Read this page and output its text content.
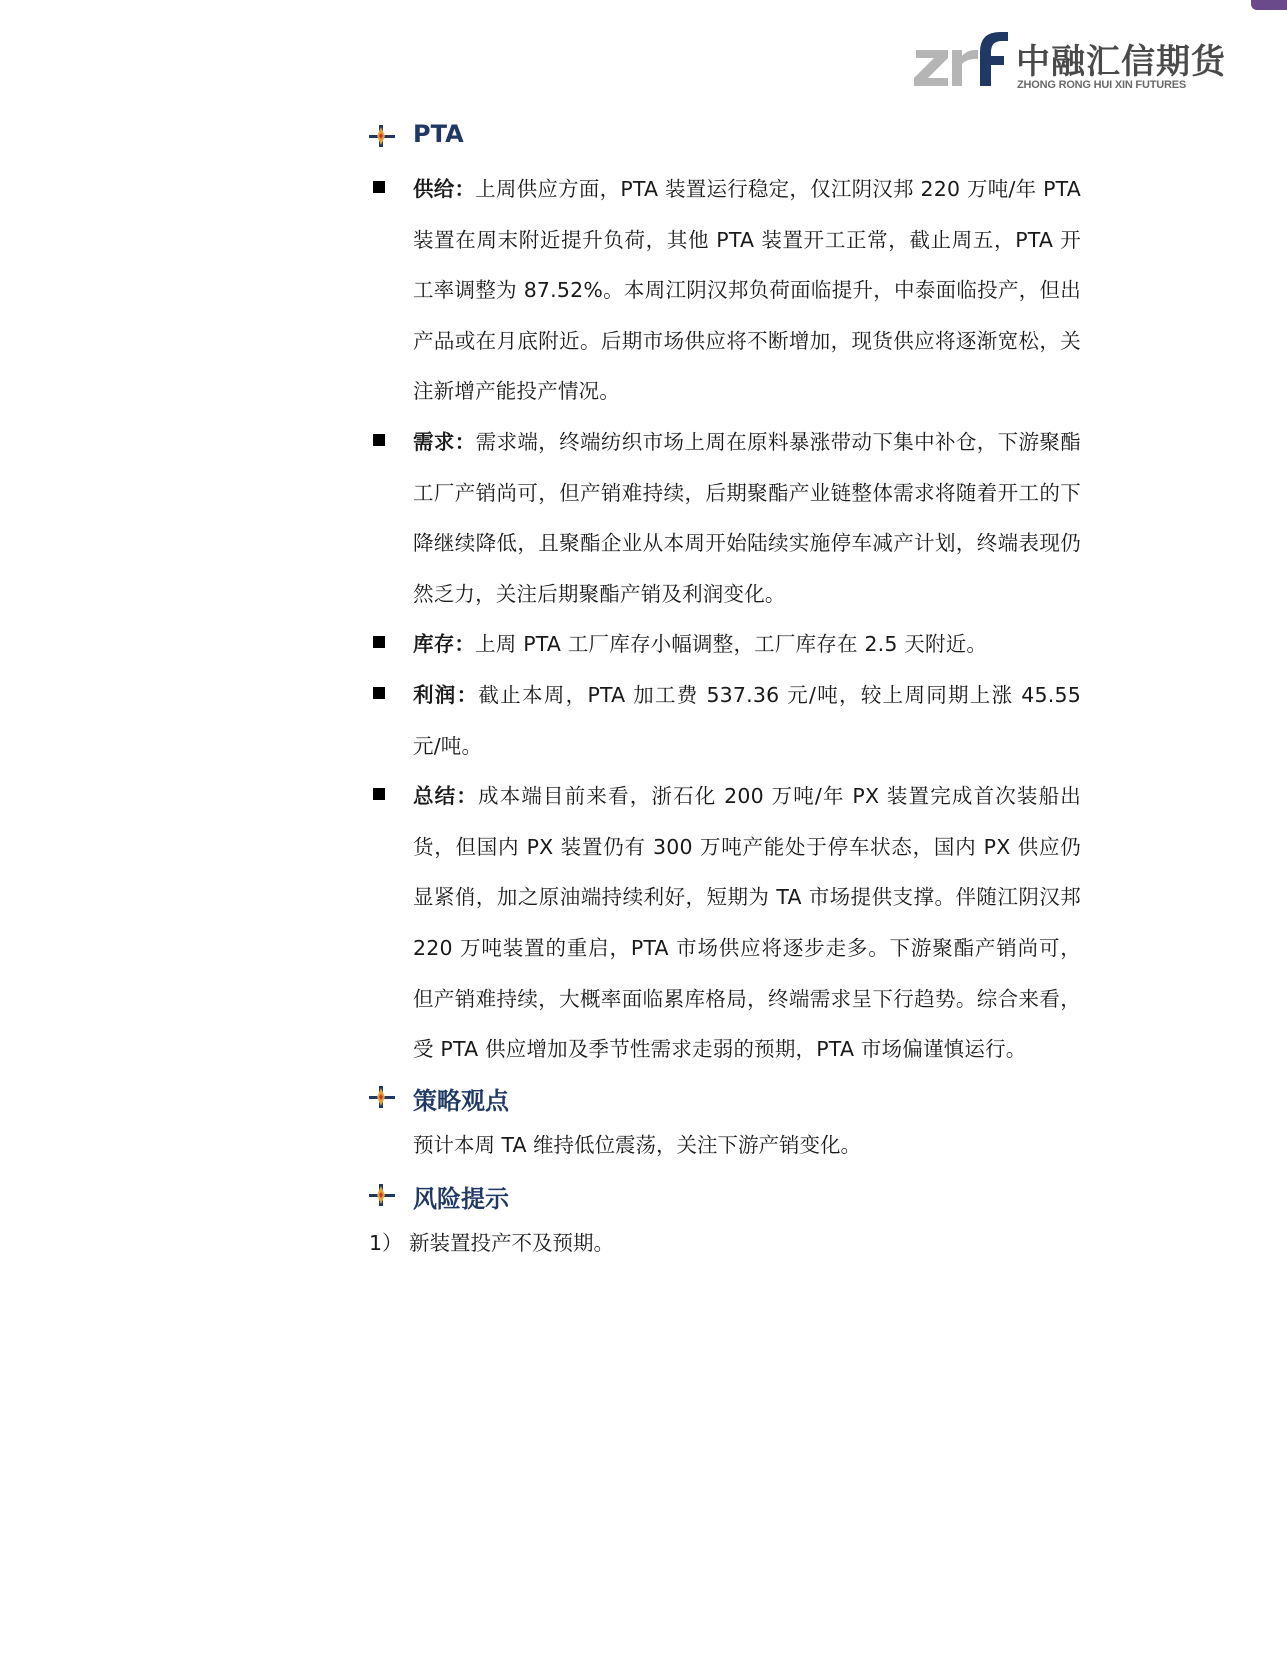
中融汇信期货
ZHONG RONG HUI XIN FUTURES
PTA
供给：上周供应方面，PTA 装置运行稳定，仅江阴汉邦 220 万吨/年 PTA 装置在周末附近提升负荷，其他 PTA 装置开工正常，截止周五，PTA 开工率调整为 87.52%。本周江阴汉邦负荷面临提升，中泰面临投产，但出产品或在月底附近。后期市场供应将不断增加，现货供应将逐渐宽松，关注新增产能投产情况。
需求：需求端，终端纺织市场上周在原料暴涨带动下集中补仓，下游聚酯工厂产销尚可，但产销难持续，后期聚酯产业链整体需求将随着开工的下降继续降低，且聚酯企业从本周开始陆续实施停车减产计划，终端表现仍然乏力，关注后期聚酯产销及利润变化。
库存：上周 PTA 工厂库存小幅调整，工厂库存在 2.5 天附近。
利润：截止本周，PTA 加工费 537.36 元/吨，较上周同期上涨 45.55 元/吨。
总结：成本端目前来看，浙石化 200 万吨/年 PX 装置完成首次装船出货，但国内 PX 装置仍有 300 万吨产能处于停车状态，国内 PX 供应仍显紧俏，加之原油端持续利好，短期为 TA 市场提供支撑。伴随江阴汉邦 220 万吨装置的重启，PTA 市场供应将逐步走多。下游聚酯产销尚可，但产销难持续，大概率面临累库格局，终端需求呈下行趋势。综合来看，受 PTA 供应增加及季节性需求走弱的预期，PTA 市场偏谨慎运行。
策略观点
预计本周 TA 维持低位震荡，关注下游产销变化。
风险提示
1） 新装置投产不及预期。
